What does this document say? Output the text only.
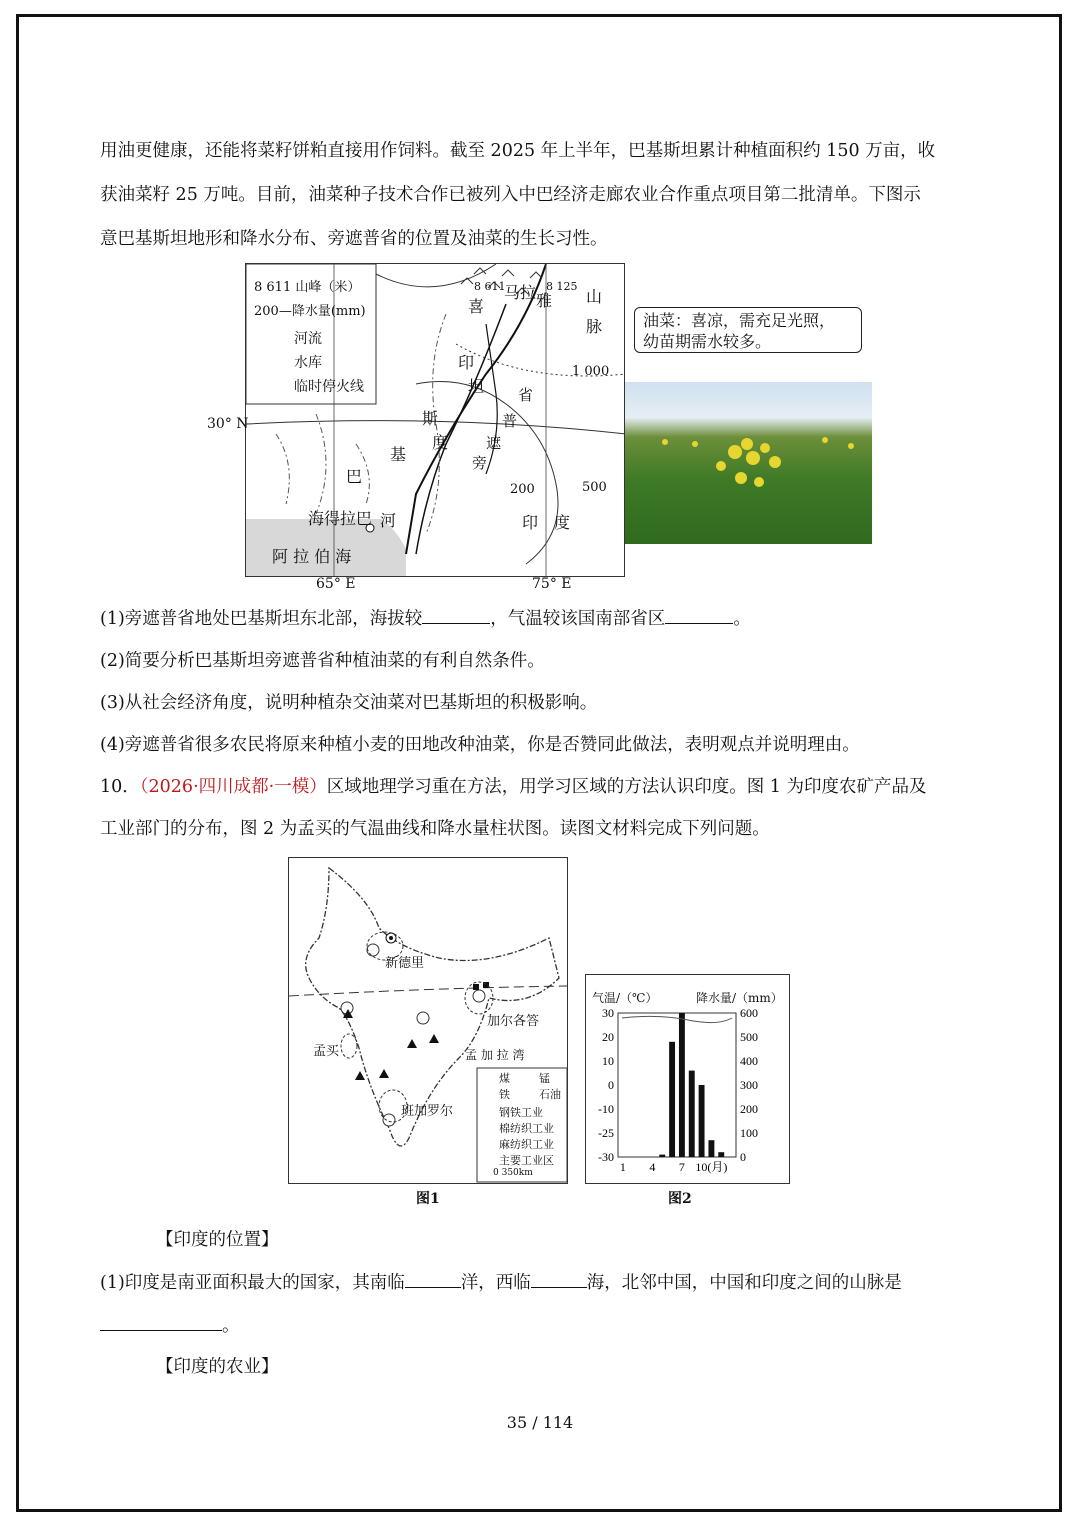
用油更健康，还能将菜籽饼粕直接用作饲料。截至 2025 年上半年，巴基斯坦累计种植面积约 150 万亩，收
获油菜籽 25 万吨。目前，油菜种子技术合作已被列入中巴经济走廊农业合作重点项目第二批清单。下图示
意巴基斯坦地形和降水分布、旁遮普省的位置及油菜的生长习性。
8 611 山峰（米）
200—降水量(mm)
河流
水库
临时停火线
8 611	8 125
喜
马拉 雅 山
脉
印
度
河
巴
基
斯
坦
旁
遮
普
省
印　度
海得拉巴
阿 拉 伯 海
1 000
200	500
30° N
65° E	75° E
油菜：喜凉，需充足光照，
幼苗期需水较多。
(1)旁遮普省地处巴基斯坦东北部，海拔较	，气温较该国南部省区	。
(2)简要分析巴基斯坦旁遮普省种植油菜的有利自然条件。
(3)从社会经济角度，说明种植杂交油菜对巴基斯坦的积极影响。
(4)旁遮普省很多农民将原来种植小麦的田地改种油菜，你是否赞同此做法，表明观点并说明理由。
10．（2026·四川成都·一模）区域地理学习重在方法，用学习区域的方法认识印度。图 1 为印度农矿产品及
工业部门的分布，图 2 为孟买的气温曲线和降水量柱状图。读图文材料完成下列问题。
新德里
加尔各答
孟买
班加罗尔
孟 加 拉 湾
煤	锰
铁	石油
钢铁工业
棉纺织工业
麻纺织工业
主要工业区
0 350km
图1
30
20
10
0
-10
-25
-30
600
500
400
300
200
100
0
1 4 7 10(月)
气温/（℃）	降水量/（mm）
图2
【印度的位置】
(1)印度是南亚面积最大的国家，其南临	洋，西临	海，北邻中国，中国和印度之间的山脉是
。
【印度的农业】
35 / 114
